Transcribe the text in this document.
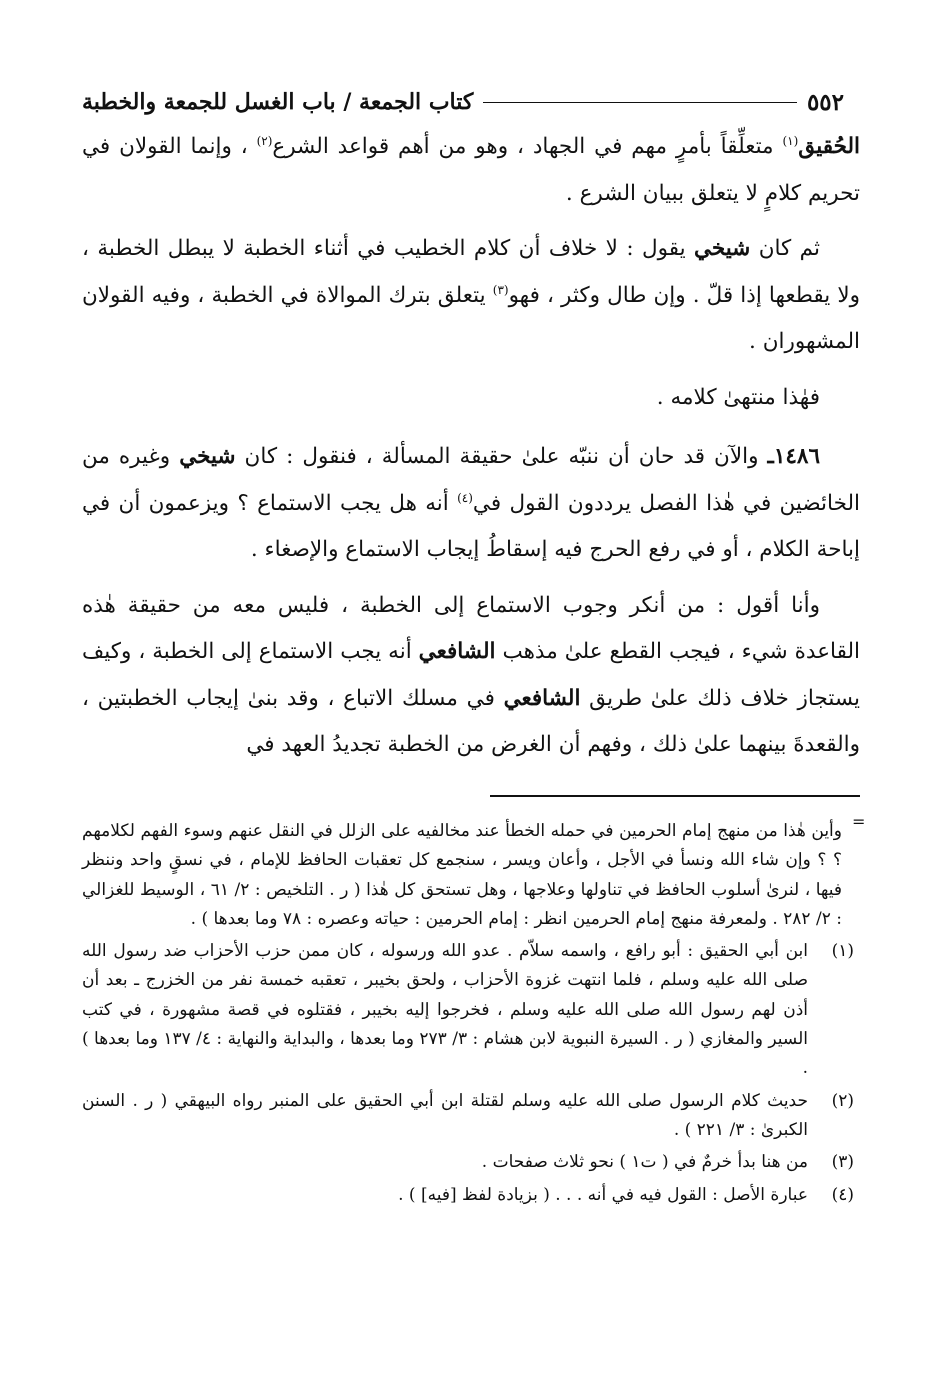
٥٥٢
كتاب الجمعة / باب الغسل للجمعة والخطبة

الحُقيق$^{(١)}$ متعلِّقاً بأمرٍ مهم في الجهاد ، وهو من أهم قواعد الشرع$^{(٢)}$ ، وإنما القولان في تحريم كلامٍ لا يتعلق ببيان الشرع .

ثم كان شيخي يقول : لا خلاف أن كلام الخطيب في أثناء الخطبة لا يبطل الخطبة ، ولا يقطعها إذا قلّ . وإن طال وكثر ، فهو$^{(٣)}$ يتعلق بترك الموالاة في الخطبة ، وفيه القولان المشهوران .

فهٰذا منتهىٰ كلامه .

١٤٨٦ـ والآن قد حان أن ننبّه علىٰ حقيقة المسألة ، فنقول : كان شيخي وغيره من الخائضين في هٰذا الفصل يرددون القول في$^{(٤)}$ أنه هل يجب الاستماع ؟ ويزعمون أن في إباحة الكلام ، أو في رفع الحرج فيه إسقاطُ إيجاب الاستماع والإصغاء .

وأنا أقول : من أنكر وجوب الاستماع إلى الخطبة ، فليس معه من حقيقة هٰذه القاعدة شيء ، فيجب القطع علىٰ مذهب الشافعي أنه يجب الاستماع إلى الخطبة ، وكيف يستجاز خلاف ذلك علىٰ طريق الشافعي في مسلك الاتباع ، وقد بنىٰ إيجاب الخطبتين ، والقعدةَ بينهما علىٰ ذلك ، وفهم أن الغرض من الخطبة تجديدُ العهد في

=

وأين هٰذا من منهج إمام الحرمين في حمله الخطأ عند مخالفيه على الزلل في النقل عنهم وسوء الفهم لكلامهم ؟ ؟ وإن شاء الله ونسأ في الأجل ، وأعان ويسر ، سنجمع كل تعقبات الحافظ للإمام ، في نسقٍ واحد وننظر فيها ، لنرىٰ أسلوب الحافظ في تناولها وعلاجها ، وهل تستحق كل هٰذا ( ر . التلخيص : ٢/ ٦١ ، الوسيط للغزالي : ٢/ ٢٨٢ . ولمعرفة منهج إمام الحرمين انظر : إمام الحرمين : حياته وعصره : ٧٨ وما بعدها ) .

(١)
ابن أبي الحقيق : أبو رافع ، واسمه سلاّم . عدو الله ورسوله ، كان ممن حزب الأحزاب ضد رسول الله صلى الله عليه وسلم ، فلما انتهت غزوة الأحزاب ، ولحق بخيبر ، تعقبه خمسة نفر من الخزرج ـ بعد أن أذن لهم رسول الله صلى الله عليه وسلم ، فخرجوا إليه بخيبر ، فقتلوه في قصة مشهورة ، في كتب السير والمغازي ( ر . السيرة النبوية لابن هشام : ٣/ ٢٧٣ وما بعدها ، والبداية والنهاية : ٤/ ١٣٧ وما بعدها ) .
(٢)
حديث كلام الرسول صلى الله عليه وسلم لقتلة ابن أبي الحقيق على المنبر رواه البيهقي ( ر . السنن الكبرىٰ : ٣/ ٢٢١ ) .
(٣)
من هنا بدأ خرمٌ في ( ت١ ) نحو ثلاث صفحات .
(٤)
عبارة الأصل : القول فيه في أنه . . . ( بزيادة لفظ [فيه] ) .
